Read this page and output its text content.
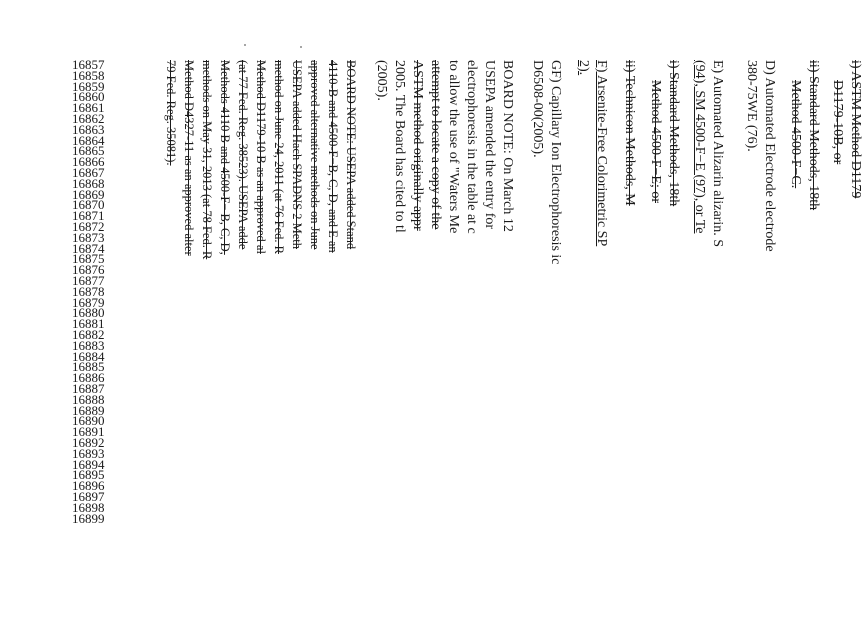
16857
16858
16859
16860
16861
16862
16863
16864
16865
16866
16867
16868
16869
16870
16871
16872
16873
16874
16875
16876
16877
16878
16879
16880
16881
16882
16883
16884
16885
16886
16887
16888
16889
16890
16891
16892
16893
16894
16895
16896
16897
16898
16899
i) ASTM Method D1179
D1179-10B, or
ii) Standard Methods, 18th
Method 4500-F−C.
D) Automated Electrode electrode
380-75WE (76).
E) Automated Alizarin alizarin. S
(94), SM 4500-F−E (97), or Te
i) Standard Methods, 18th
Method 4500-F−E; or
ii) Technicon Methods, M
F) Arsenite-Free Colorimetric SP
2).
GF) Capillary Ion Electrophoresis ic
D6508-00(2005).
BOARD NOTE: On March 12
USEPA amended the entry for
electrophoresis in the table at c
to allow the use of "Waters Me
attempt to locate a copy of the
ASTM method originally appr
2005. The Board has cited to tl
(2005).
BOARD NOTE: USEPA added Stand
4110-B and 4500-F−B, C, D, and E an
approved alternative methods on June
USEPA added Hach SPADNS 2 Meth
method on June 24, 2011 (at 76 Fed. R
Method D1179-10 B as an approved al
(at 77 Fed. Reg. 38523). USEPA adde
Methods 4110 B and 4500-F− B, C, D,
methods on May 31, 2013 (at 78 Fed. R
Method D4327-11 as an approved alter
79 Fed. Reg. 35081).
